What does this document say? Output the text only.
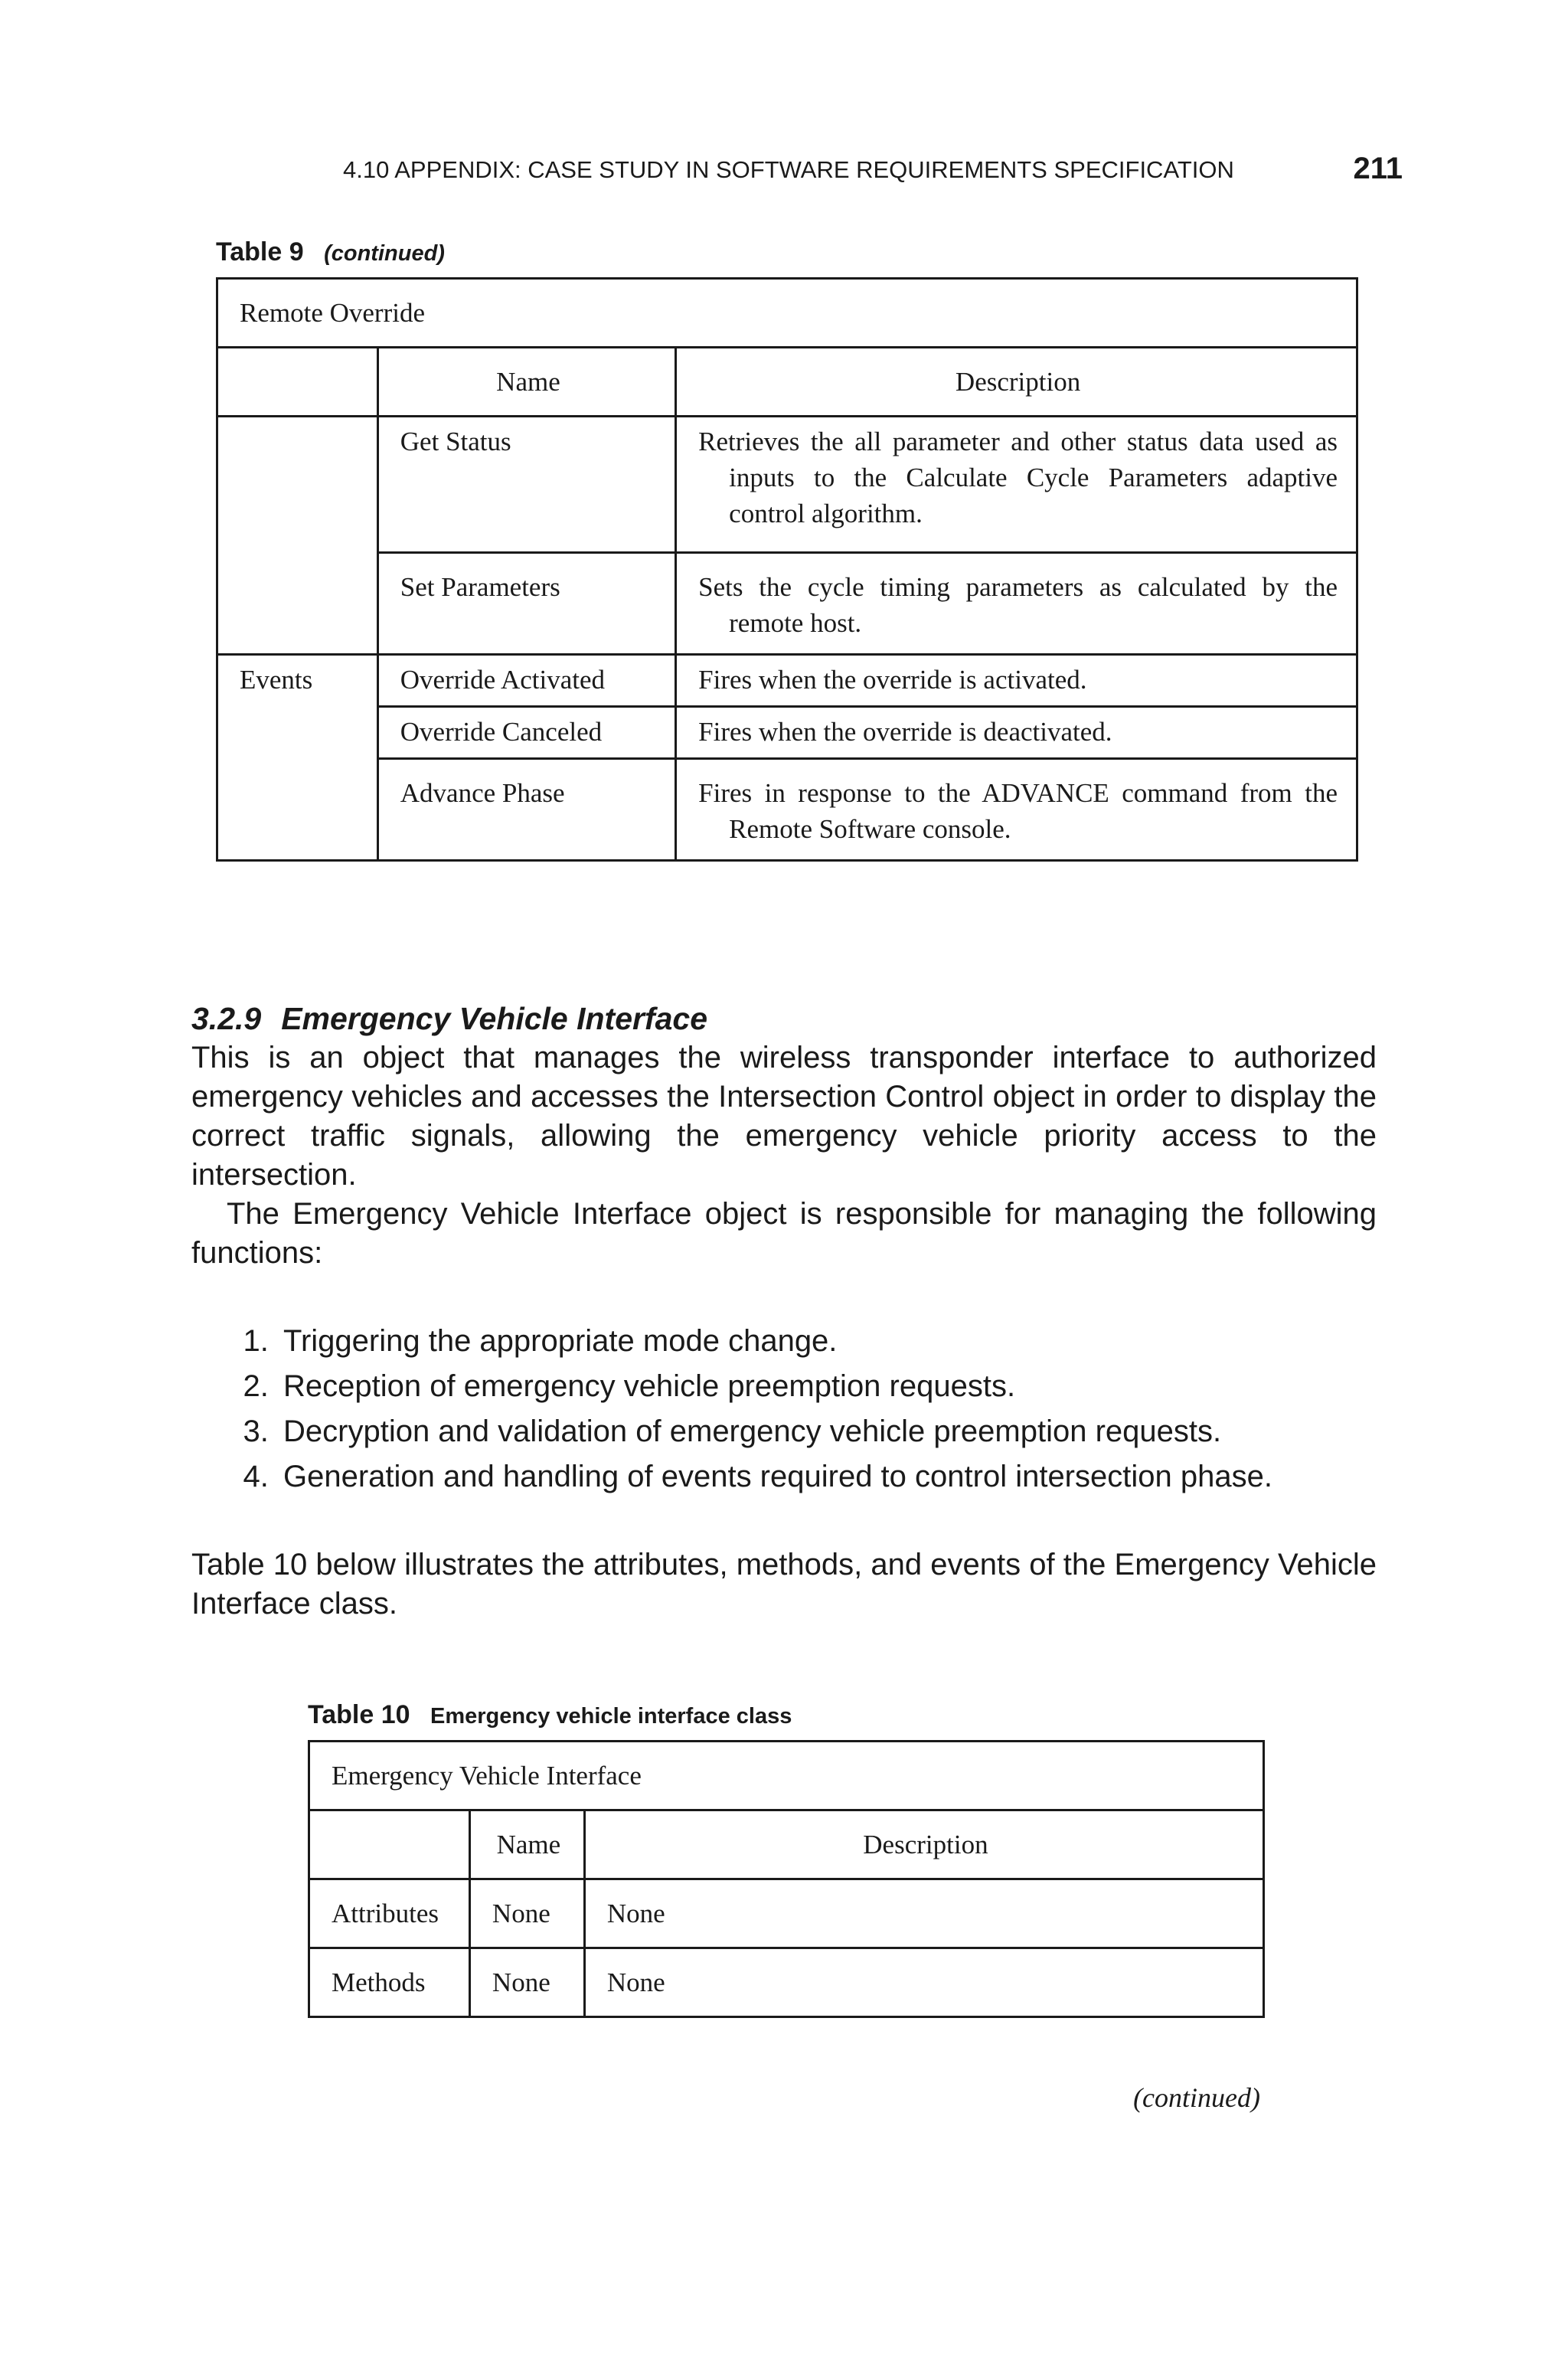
4.10 APPENDIX: CASE STUDY IN SOFTWARE REQUIREMENTS SPECIFICATION	211
Table 9 (continued)
Remote Override		
	Name	Description
	Get Status	Retrieves the all parameter and other status data used as inputs to the Calculate Cycle Parameters adaptive control algorithm.

	Set Parameters	Sets the cycle timing parameters as calculated by the remote host.

Events	Override Activated	Fires when the override is activated.

	Override Canceled	Fires when the override is deactivated.

	Advance Phase	Fires in response to the ADVANCE command from the Remote Software console.
3.2.9 Emergency Vehicle Interface

This is an object that manages the wireless transponder interface to authorized emergency vehicles and accesses the Intersection Control object in order to display the correct traffic signals, allowing the emergency vehicle priority access to the intersection.

The Emergency Vehicle Interface object is responsible for managing the following functions:

1. Triggering the appropriate mode change.
2. Reception of emergency vehicle preemption requests.
3. Decryption and validation of emergency vehicle preemption requests.
4. Generation and handling of events required to control intersection phase.

Table 10 below illustrates the attributes, methods, and events of the Emergency Vehicle Interface class.

Table 10 Emergency vehicle interface class
Emergency Vehicle Interface		
	Name	Description
Attributes	None	None
Methods	None	None
(continued)
